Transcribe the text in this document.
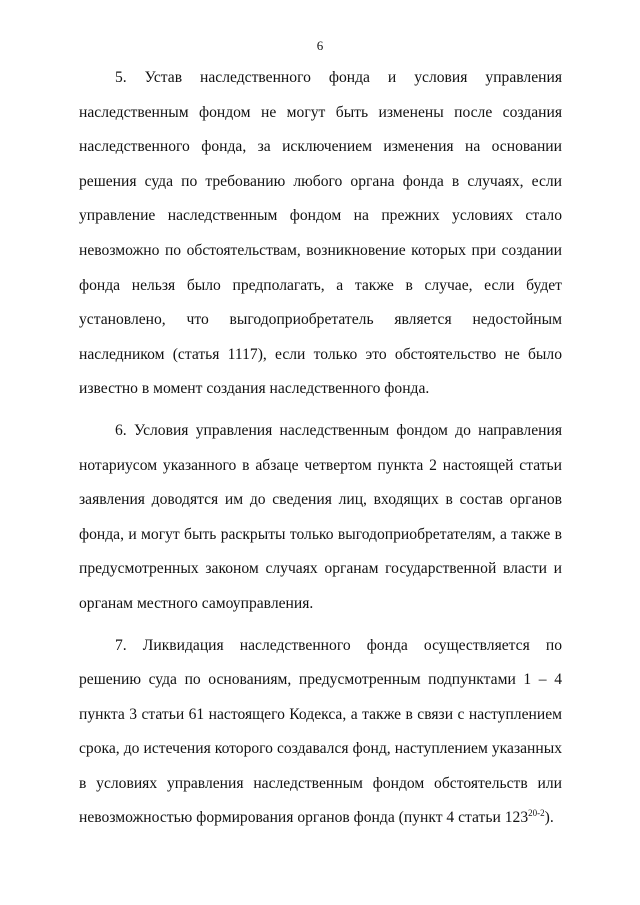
6

5. Устав наследственного фонда и условия управления наследственным фондом не могут быть изменены после создания наследственного фонда, за исключением изменения на основании решения суда по требованию любого органа фонда в случаях, если управление наследственным фондом на прежних условиях стало невозможно по обстоятельствам, возникновение которых при создании фонда нельзя было предполагать, а также в случае, если будет установлено, что выгодоприобретатель является недостойным наследником (статья 1117), если только это обстоятельство не было известно в момент создания наследственного фонда.

6. Условия управления наследственным фондом до направления нотариусом указанного в абзаце четвертом пункта 2 настоящей статьи заявления доводятся им до сведения лиц, входящих в состав органов фонда, и могут быть раскрыты только выгодоприобретателям, а также в предусмотренных законом случаях органам государственной власти и органам местного самоуправления.

7. Ликвидация наследственного фонда осуществляется по решению суда по основаниям, предусмотренным подпунктами 1 – 4 пункта 3 статьи 61 настоящего Кодекса, а также в связи с наступлением срока, до истечения которого создавался фонд, наступлением указанных в условиях управления наследственным фондом обстоятельств или невозможностью формирования органов фонда (пункт 4 статьи 123$^{20-2}$).
